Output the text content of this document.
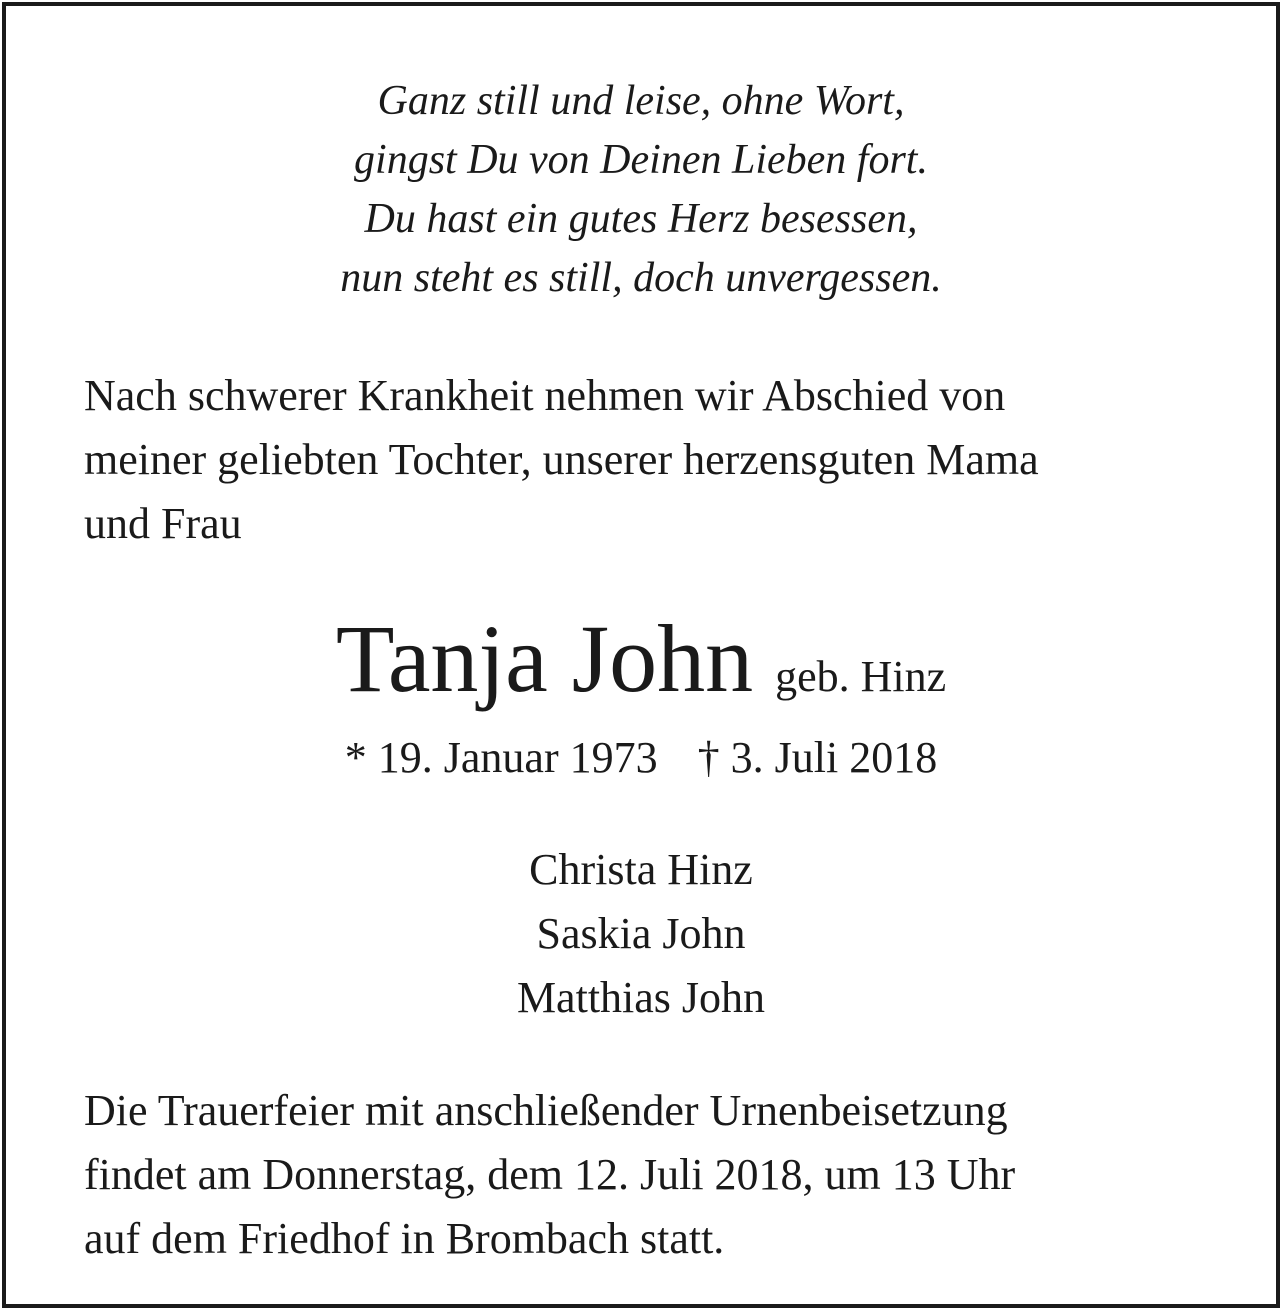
Ganz still und leise, ohne Wort,
gingst Du von Deinen Lieben fort.
Du hast ein gutes Herz besessen,
nun steht es still, doch unvergessen.
Nach schwerer Krankheit nehmen wir Abschied von
meiner geliebten Tochter, unserer herzensguten Mama
und Frau
Tanja John geb. Hinz
* 19. Januar 1973 † 3. Juli 2018
Christa Hinz
Saskia John
Matthias John
Die Trauerfeier mit anschließender Urnenbeisetzung
findet am Donnerstag, dem 12. Juli 2018, um 13 Uhr
auf dem Friedhof in Brombach statt.
